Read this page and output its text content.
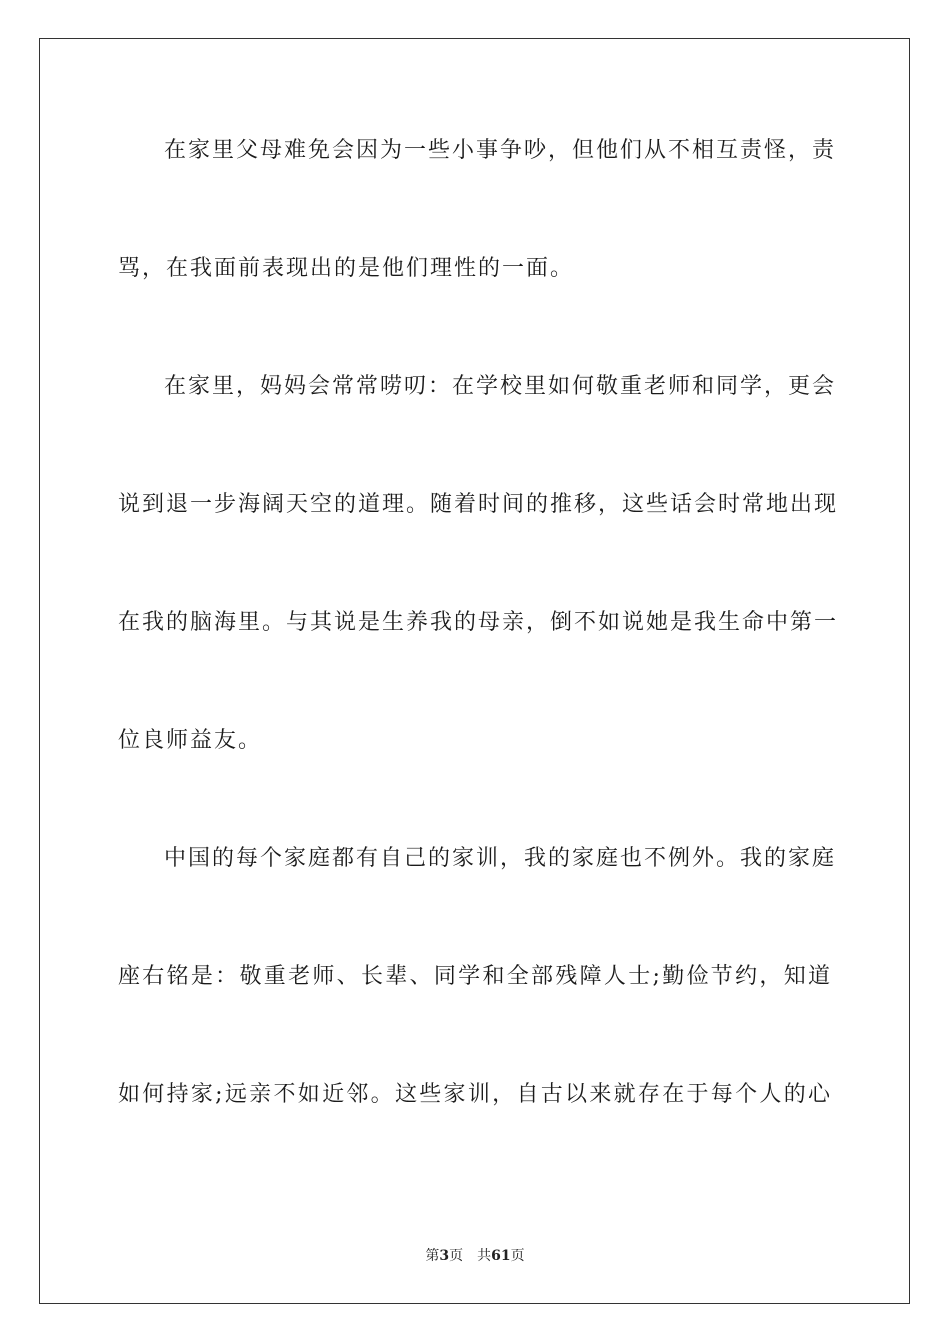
在家里父母难免会因为一些小事争吵，但他们从不相互责怪，责
骂，在我面前表现出的是他们理性的一面。
在家里，妈妈会常常唠叨：在学校里如何敬重老师和同学，更会
说到退一步海阔天空的道理。随着时间的推移，这些话会时常地出现
在我的脑海里。与其说是生养我的母亲，倒不如说她是我生命中第一
位良师益友。
中国的每个家庭都有自己的家训，我的家庭也不例外。我的家庭
座右铭是：敬重老师、长辈、同学和全部残障人士;勤俭节约，知道
如何持家;远亲不如近邻。这些家训，自古以来就存在于每个人的心
第3页 共61页
